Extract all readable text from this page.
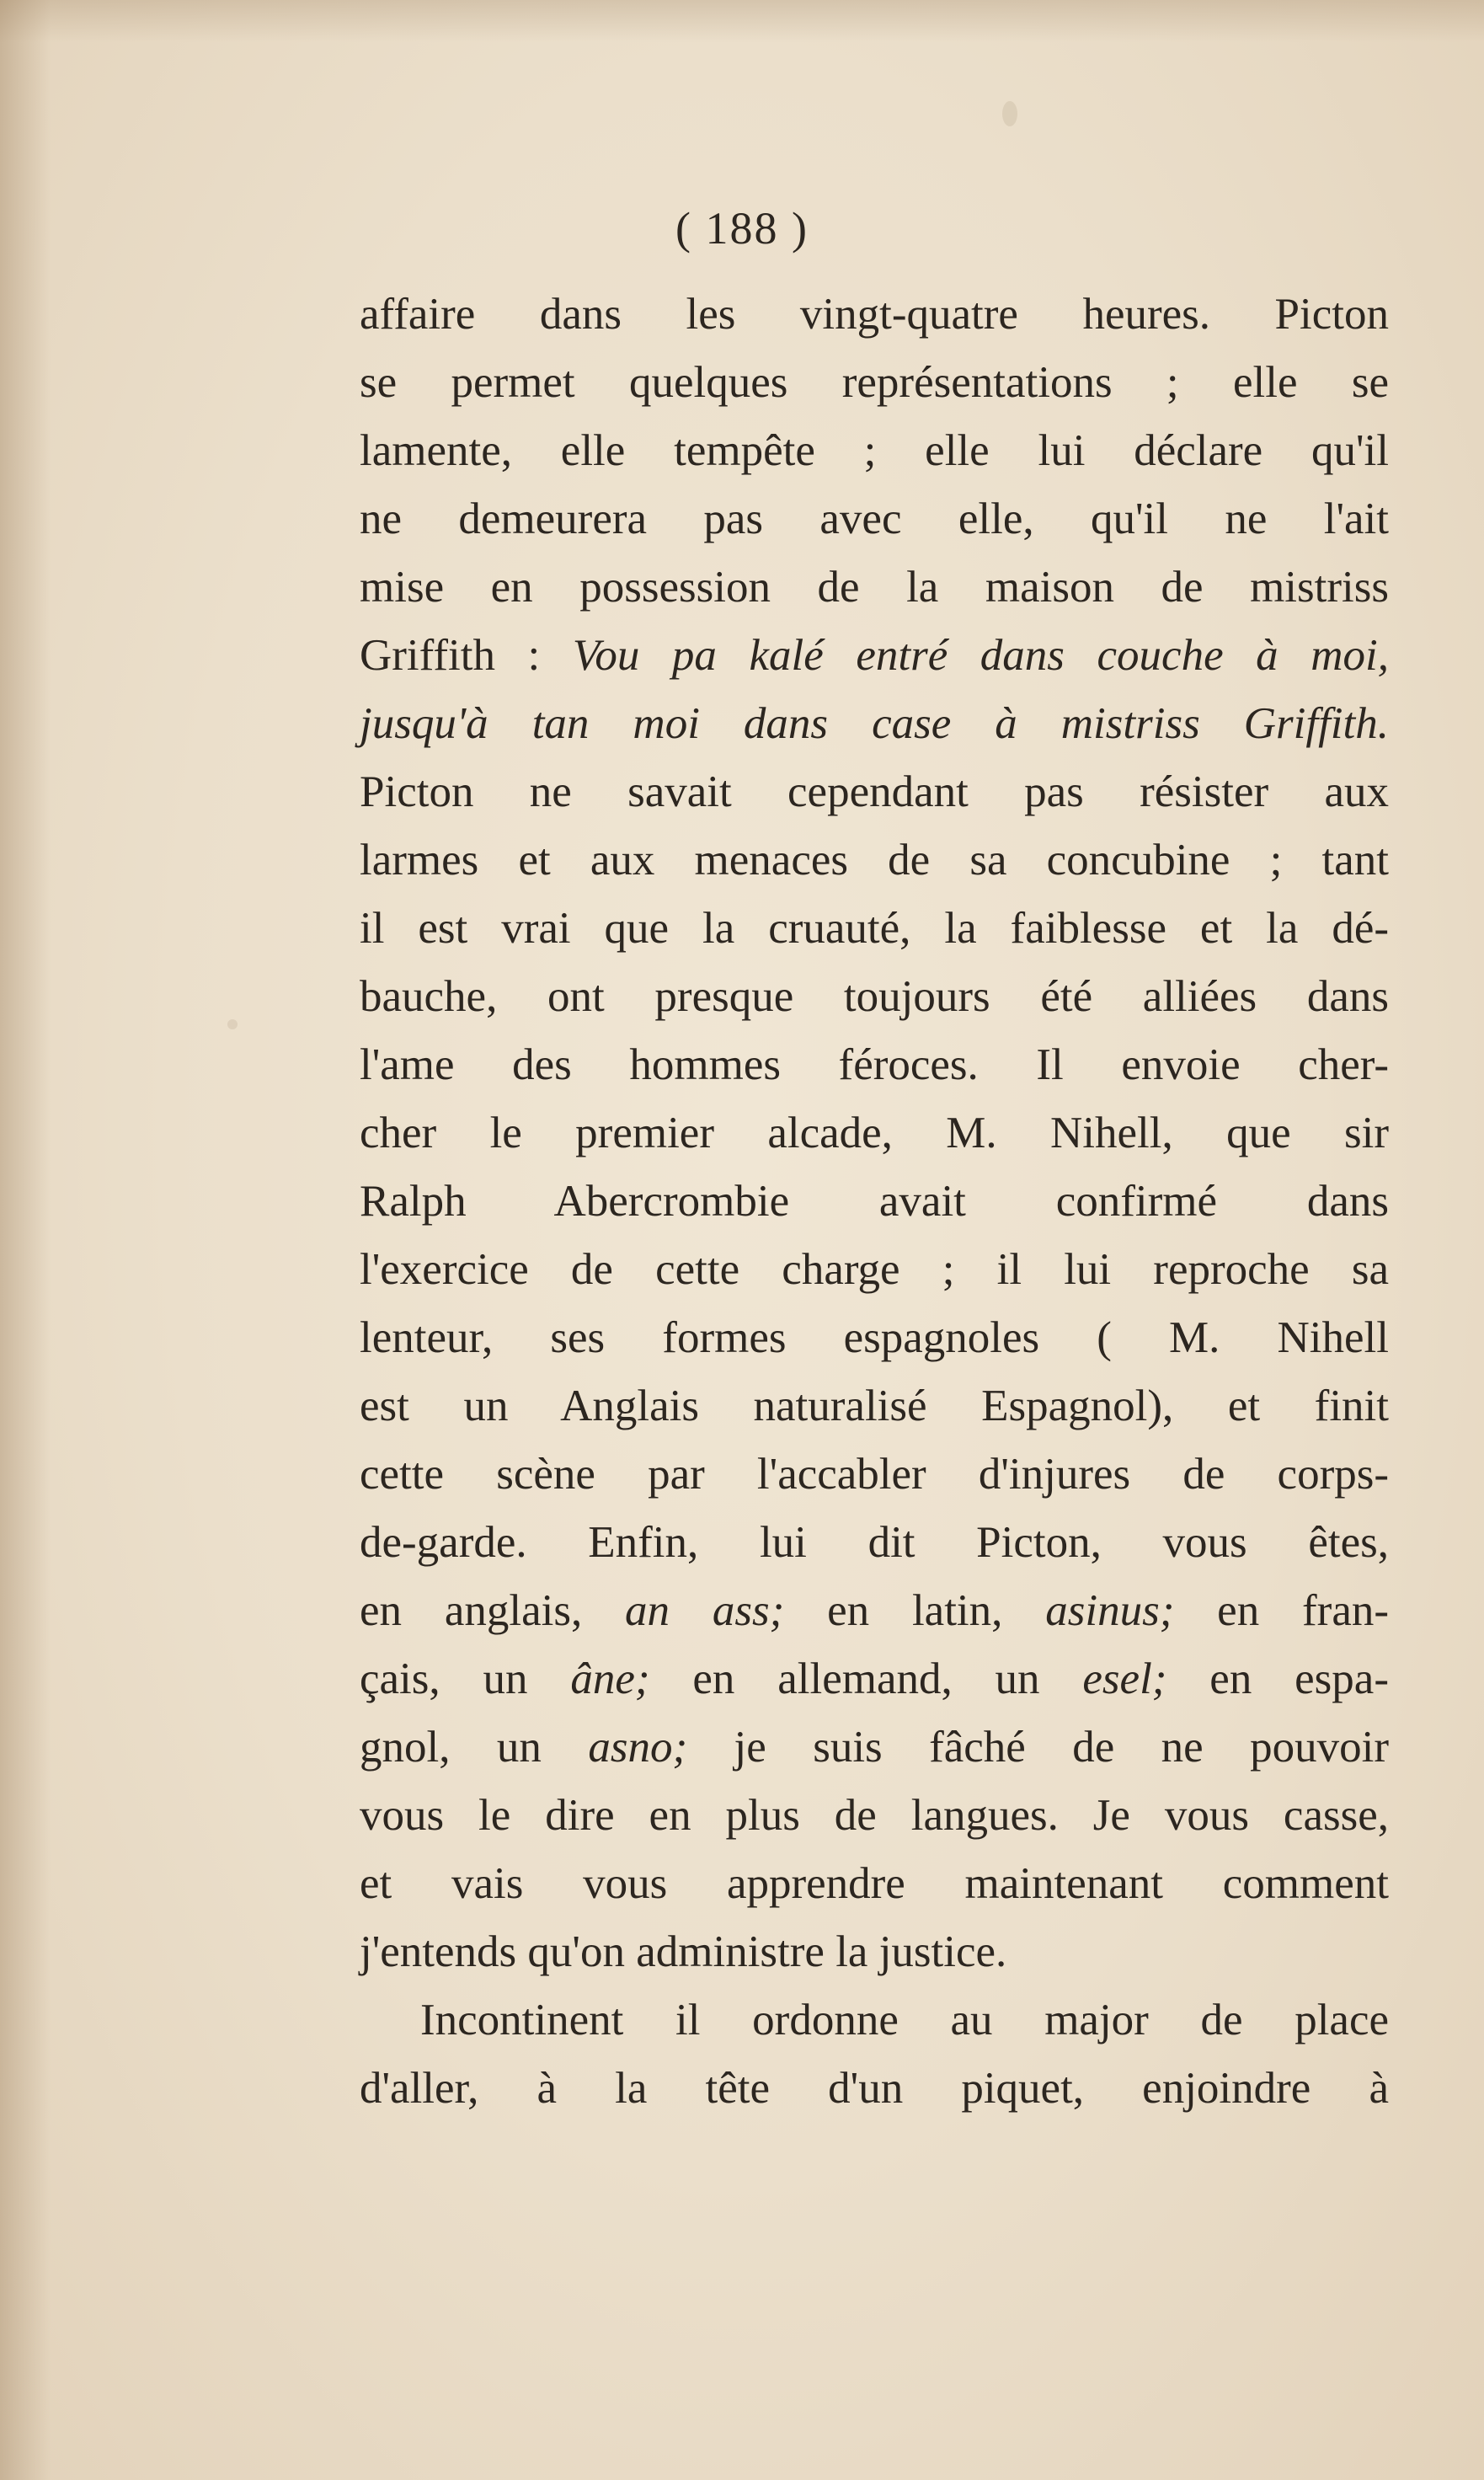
( 188 )
affaire dans les vingt-quatre heures. Picton
se permet quelques représentations ; elle se
lamente, elle tempête ; elle lui déclare qu'il
ne demeurera pas avec elle, qu'il ne l'ait
mise en possession de la maison de mistriss
Griffith : Vou pa kalé entré dans couche à moi,
jusqu'à tan moi dans case à mistriss Griffith.
Picton ne savait cependant pas résister aux
larmes et aux menaces de sa concubine ; tant
il est vrai que la cruauté, la faiblesse et la dé-
bauche, ont presque toujours été alliées dans
l'ame des hommes féroces. Il envoie cher-
cher le premier alcade, M. Nihell, que sir
Ralph Abercrombie avait confirmé dans
l'exercice de cette charge ; il lui reproche sa
lenteur, ses formes espagnoles ( M. Nihell
est un Anglais naturalisé Espagnol), et finit
cette scène par l'accabler d'injures de corps-
de-garde. Enfin, lui dit Picton, vous êtes,
en anglais, an ass; en latin, asinus; en fran-
çais, un âne; en allemand, un esel; en espa-
gnol, un asno; je suis fâché de ne pouvoir
vous le dire en plus de langues. Je vous casse,
et vais vous apprendre maintenant comment
j'entends qu'on administre la justice.
Incontinent il ordonne au major de place
d'aller, à la tête d'un piquet, enjoindre à
